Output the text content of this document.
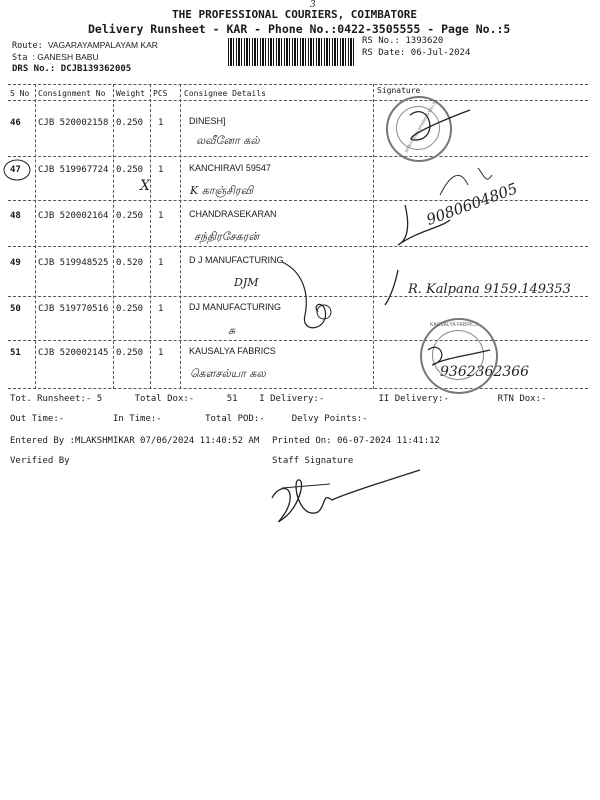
THE PROFESSIONAL COURIERS, COIMBATORE
Delivery Runsheet - KAR - Phone No.:0422-3505555 - Page No.:5
3
Route: VAGARAYAMPALAYAM KAR
Sta : GANESH BABU
DRS No.: DCJB139362005
RS No.: 1393620
RS Date: 06-Jul-2024
S No Consignment No Weight PCS Consignee Details	Signature
46 CJB 520002158 0.250 1	DINESH]
லவீனோ கல்
47 CJB 519967724 0.250 1	KANCHIRAVI 59547
K காஞ்சிரவி
X
48 CJB 520002164 0.250 1	CHANDRASEKARAN
சந்திரசேகரன்
9080604805
49 CJB 519948525 0.520 1	D J MANUFACTURING
DJM	R. Kalpana 9159.149353
50 CJB 519770516 0.250 1	DJ MANUFACTURING
சு
51 CJB 520002145 0.250 1	KAUSALYA FABRICS
கௌசல்யா கல	9362362366
SPIRIT TECH SPINNING MILLS
KAUSALYA FABRICS
Tot. Runsheet:- 5      Total Dox:-      51    I Delivery:-          II Delivery:-         RTN Dox:-
Out Time:-         In Time:-        Total POD:-     Delvy Points:-
Entered By :MLAKSHMIKAR 07/06/2024 11:40:52 AM Printed On: 06-07-2024 11:41:12
Verified By	Staff Signature
